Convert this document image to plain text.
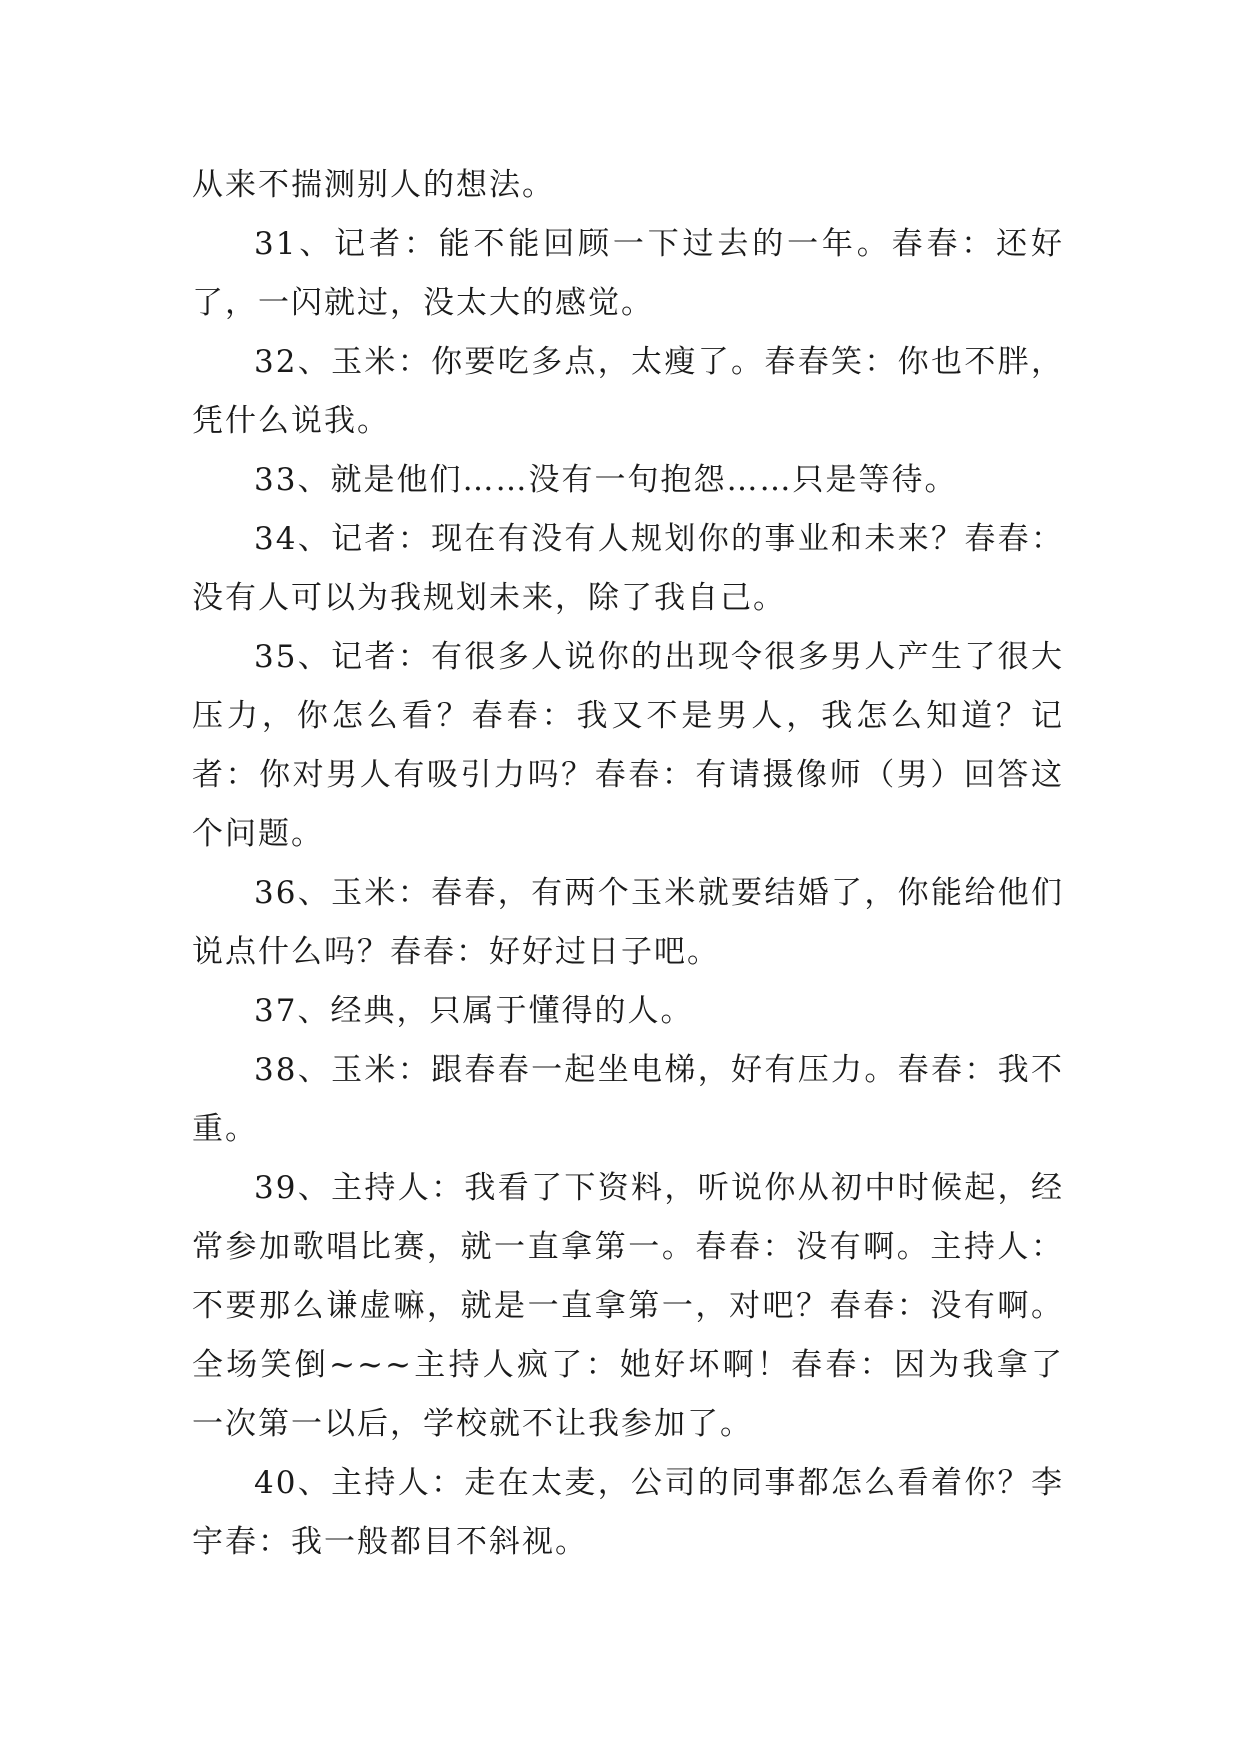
从来不揣测别人的想法。

31、记者：能不能回顾一下过去的一年。春春：还好了，一闪就过，没太大的感觉。

32、玉米：你要吃多点，太瘦了。春春笑：你也不胖，凭什么说我。

33、就是他们……没有一句抱怨……只是等待。

34、记者：现在有没有人规划你的事业和未来？春春：没有人可以为我规划未来，除了我自己。

35、记者：有很多人说你的出现令很多男人产生了很大压力，你怎么看？春春：我又不是男人，我怎么知道？记者：你对男人有吸引力吗？春春：有请摄像师（男）回答这个问题。

36、玉米：春春，有两个玉米就要结婚了，你能给他们说点什么吗？春春：好好过日子吧。

37、经典，只属于懂得的人。

38、玉米：跟春春一起坐电梯，好有压力。春春：我不重。

39、主持人：我看了下资料，听说你从初中时候起，经常参加歌唱比赛，就一直拿第一。春春：没有啊。主持人：不要那么谦虚嘛，就是一直拿第一，对吧？春春：没有啊。全场笑倒~~~主持人疯了：她好坏啊！春春：因为我拿了一次第一以后，学校就不让我参加了。

40、主持人：走在太麦，公司的同事都怎么看着你？李宇春：我一般都目不斜视。
